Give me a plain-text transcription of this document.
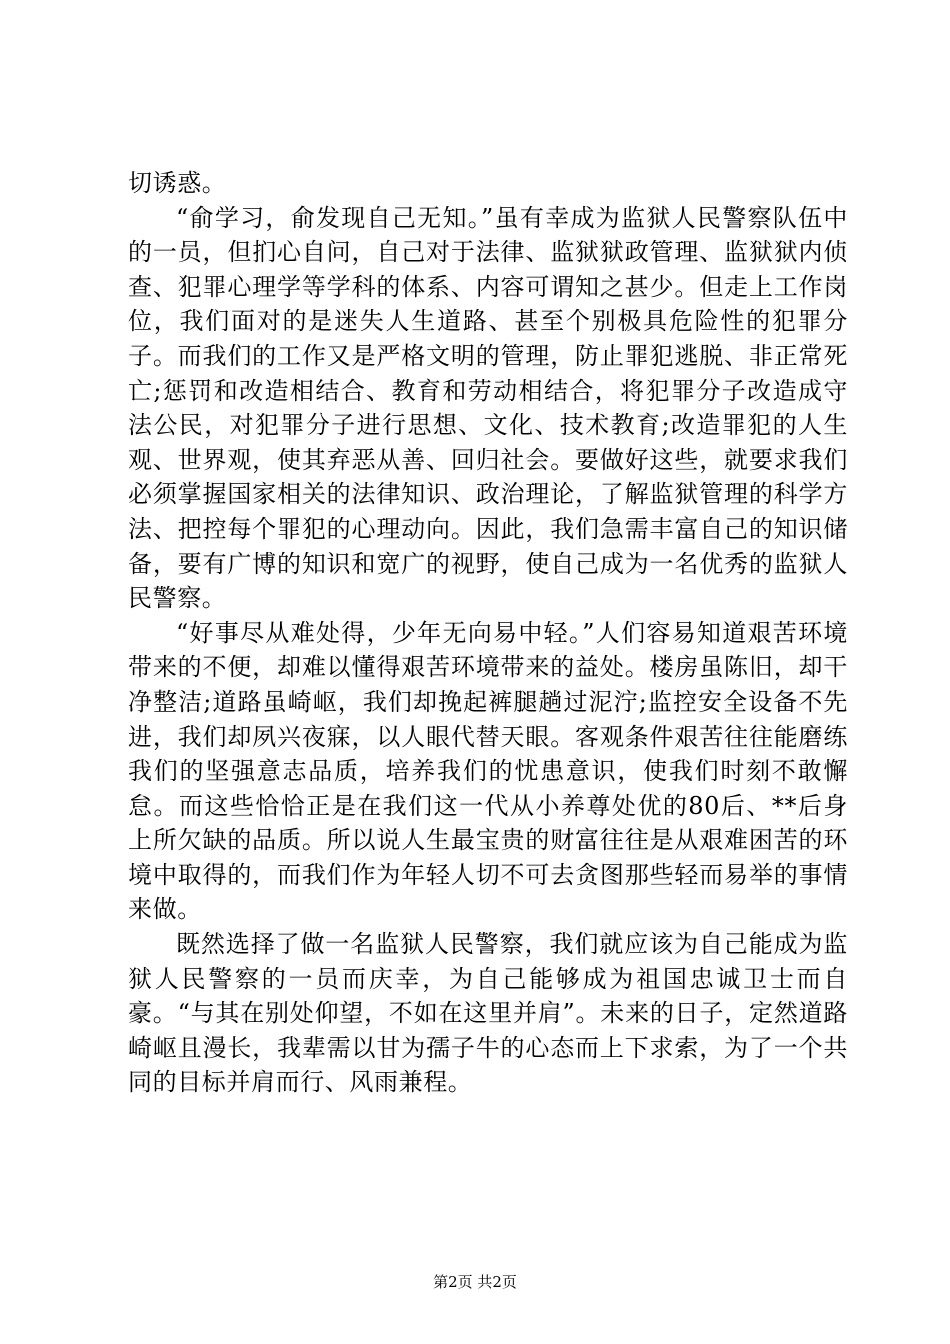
切诱惑。

“俞学习，俞发现自己无知。”虽有幸成为监狱人民警察队伍中的一员，但扪心自问，自己对于法律、监狱狱政管理、监狱狱内侦查、犯罪心理学等学科的体系、内容可谓知之甚少。但走上工作岗位，我们面对的是迷失人生道路、甚至个别极具危险性的犯罪分子。而我们的工作又是严格文明的管理，防止罪犯逃脱、非正常死亡;惩罚和改造相结合、教育和劳动相结合，将犯罪分子改造成守法公民，对犯罪分子进行思想、文化、技术教育;改造罪犯的人生观、世界观，使其弃恶从善、回归社会。要做好这些，就要求我们必须掌握国家相关的法律知识、政治理论，了解监狱管理的科学方法、把控每个罪犯的心理动向。因此，我们急需丰富自己的知识储备，要有广博的知识和宽广的视野，使自己成为一名优秀的监狱人民警察。

“好事尽从难处得，少年无向易中轻。”人们容易知道艰苦环境带来的不便，却难以懂得艰苦环境带来的益处。楼房虽陈旧，却干净整洁;道路虽崎岖，我们却挽起裤腿趟过泥泞;监控安全设备不先进，我们却夙兴夜寐，以人眼代替天眼。客观条件艰苦往往能磨练我们的坚强意志品质，培养我们的忧患意识，使我们时刻不敢懈怠。而这些恰恰正是在我们这一代从小养尊处优的80后、**后身上所欠缺的品质。所以说人生最宝贵的财富往往是从艰难困苦的环境中取得的，而我们作为年轻人切不可去贪图那些轻而易举的事情来做。

既然选择了做一名监狱人民警察，我们就应该为自己能成为监狱人民警察的一员而庆幸，为自己能够成为祖国忠诚卫士而自豪。“与其在别处仰望，不如在这里并肩”。未来的日子，定然道路崎岖且漫长，我辈需以甘为孺子牛的心态而上下求索，为了一个共同的目标并肩而行、风雨兼程。

第2页 共2页
